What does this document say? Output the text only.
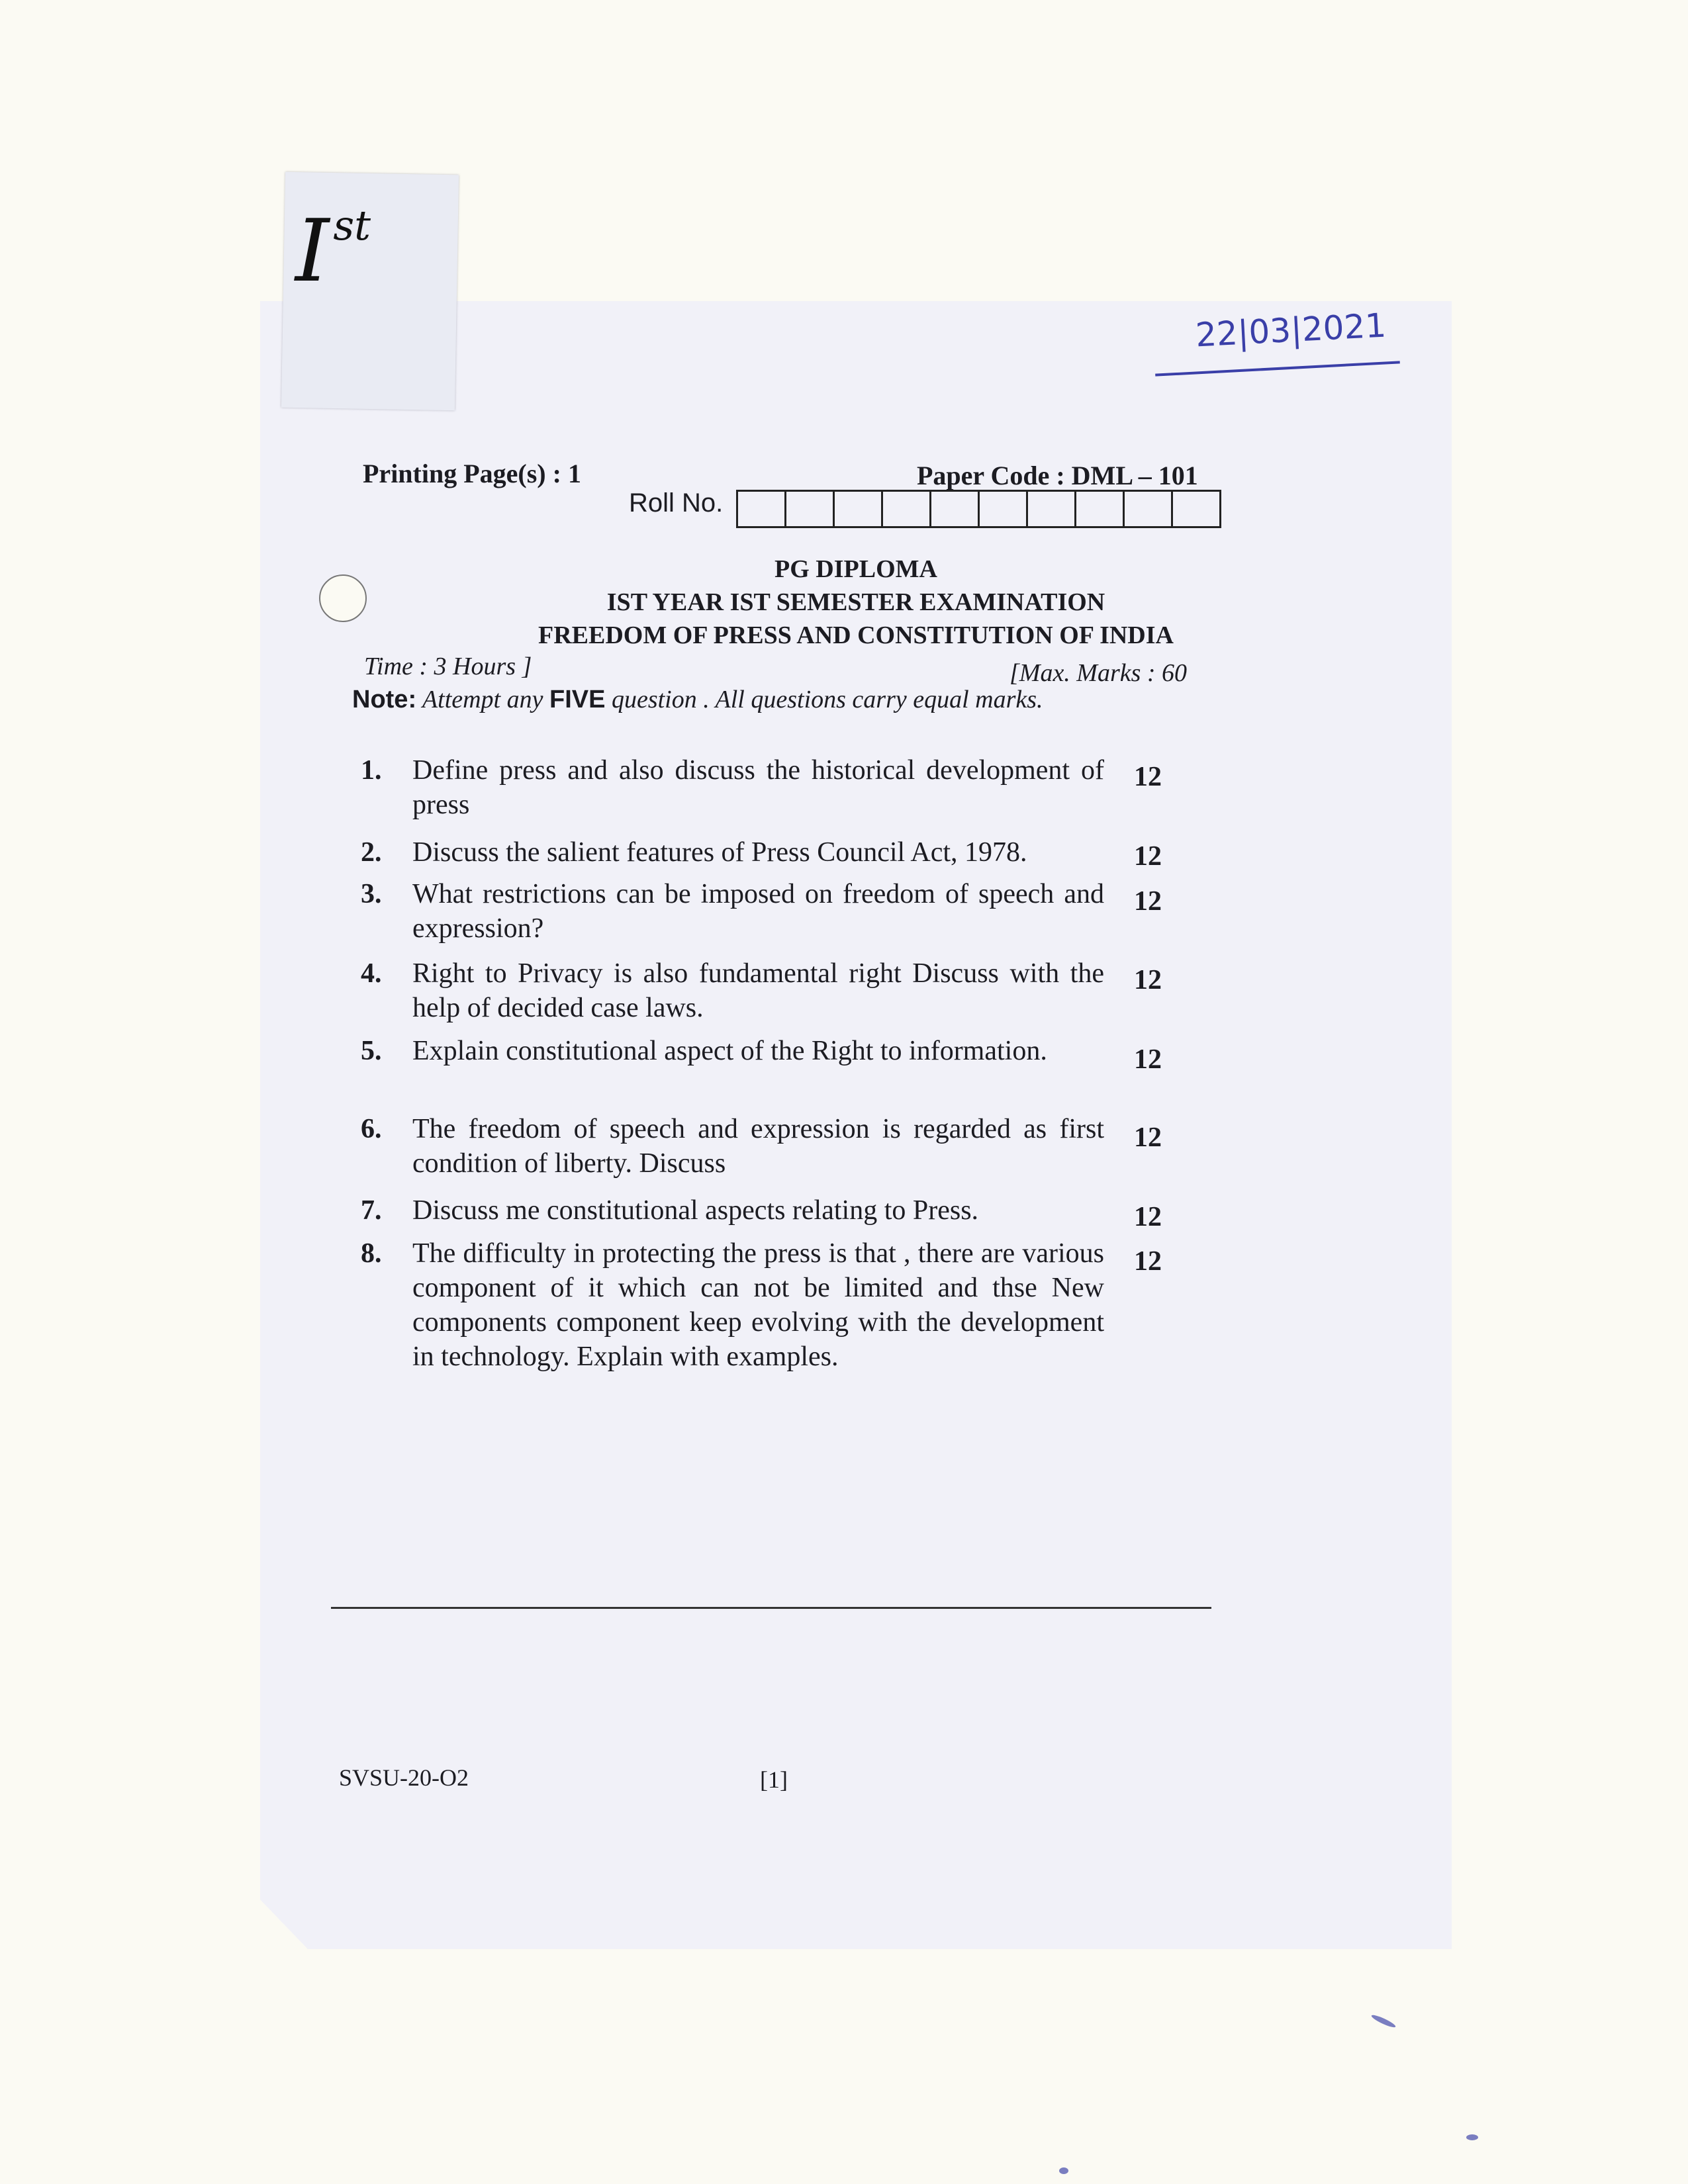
Ist
22|03|2021
Printing Page(s) : 1	Paper Code : DML – 101
Roll No.
PG DIPLOMA
IST YEAR IST SEMESTER EXAMINATION
FREEDOM OF PRESS AND CONSTITUTION OF INDIA
Time : 3 Hours ]	[Max. Marks : 60
Note: Attempt any FIVE question . All questions carry equal marks.
1.	Define press and also discuss the historical development of press
12
2.	Discuss the salient features of Press Council Act, 1978.	12
3.	What restrictions can be imposed on freedom of speech and expression?
12
4.	Right to Privacy is also fundamental right Discuss with the help of decided case laws.
12
5.	Explain constitutional aspect of the Right to information.	12
6.	The freedom of speech and expression is regarded as first condition of liberty. Discuss
12
7.	Discuss me constitutional aspects relating to Press.	12
8.	The difficulty in protecting the press is that , there are various component of it which can not be limited and thse New components component keep evolving with the development in technology. Explain with examples.
12
SVSU-20-O2	[1]
